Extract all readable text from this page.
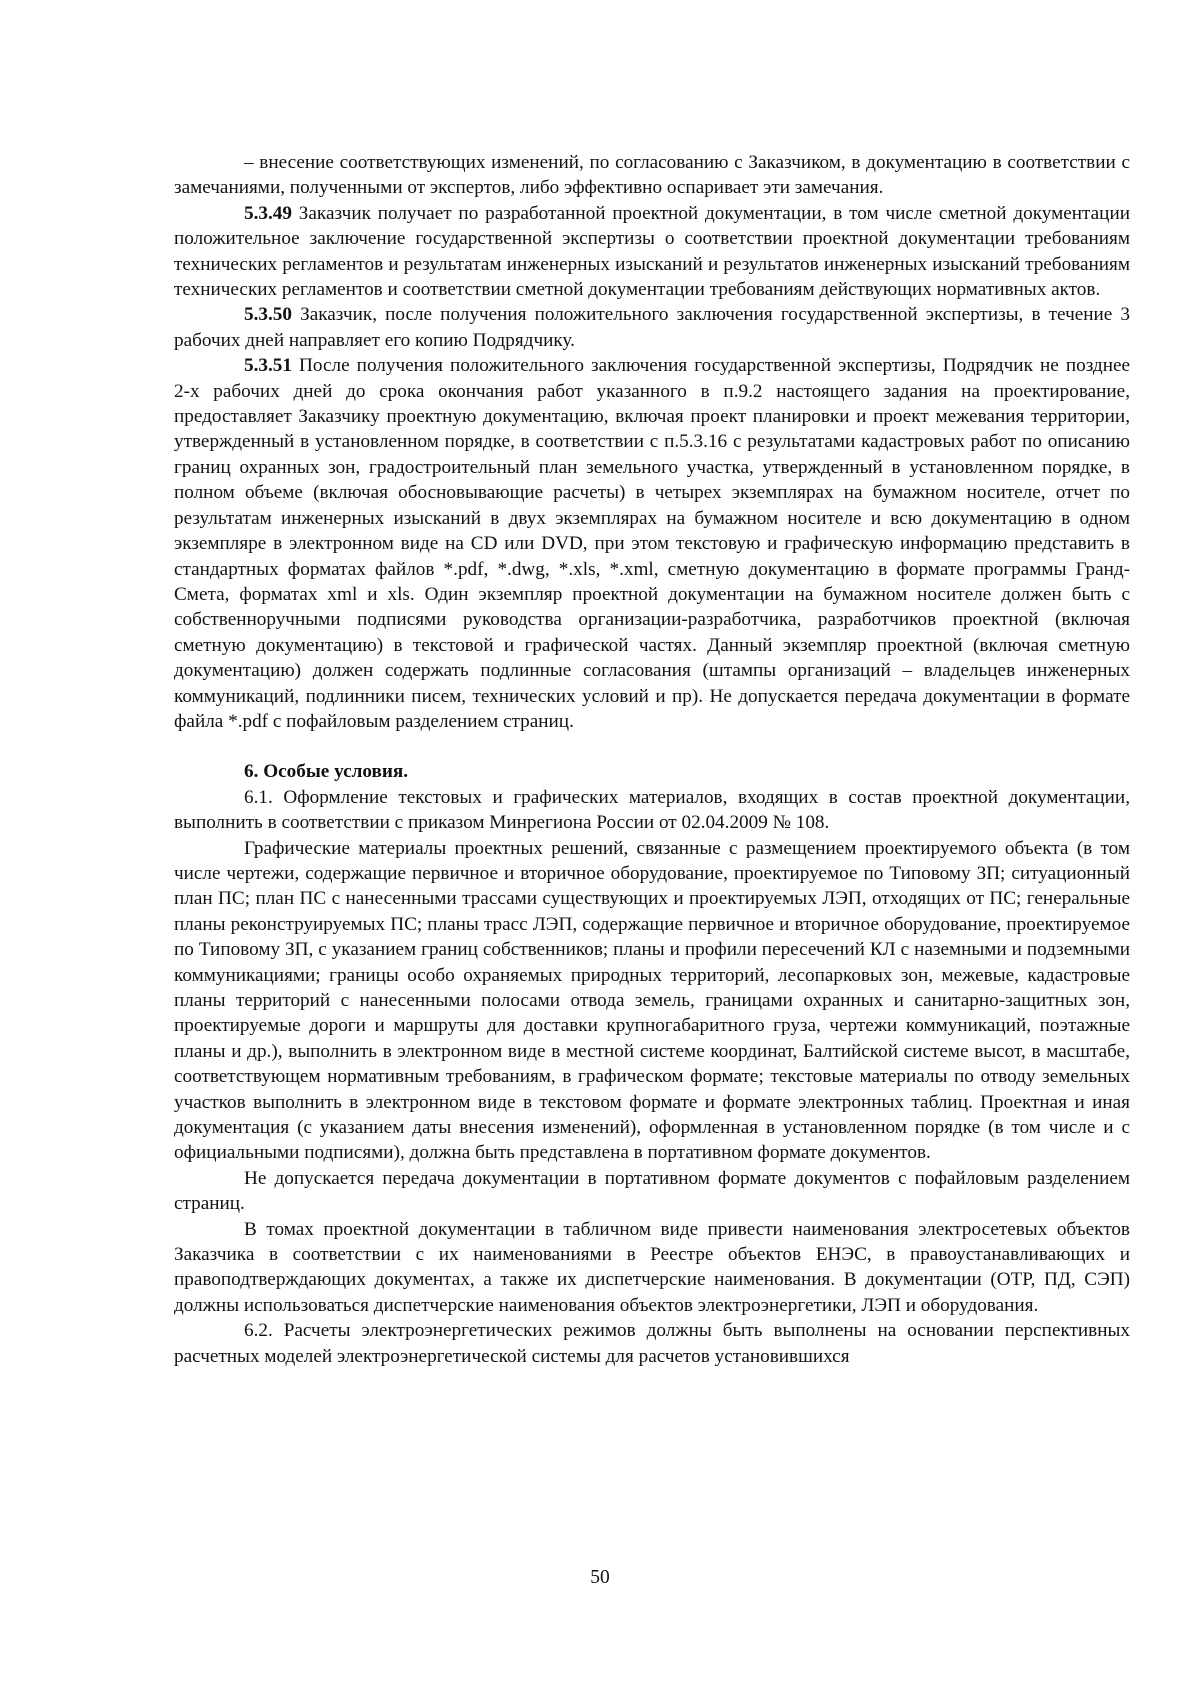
– внесение соответствующих изменений, по согласованию с Заказчиком, в документацию в соответствии с замечаниями, полученными от экспертов, либо эффективно оспаривает эти замечания.

5.3.49 Заказчик получает по разработанной проектной документации, в том числе сметной документации положительное заключение государственной экспертизы о соответствии проектной документации требованиям технических регламентов и результатам инженерных изысканий и результатов инженерных изысканий требованиям технических регламентов и соответствии сметной документации требованиям действующих нормативных актов.

5.3.50 Заказчик, после получения положительного заключения государственной экспертизы, в течение 3 рабочих дней направляет его копию Подрядчику.

5.3.51 После получения положительного заключения государственной экспертизы, Подрядчик не позднее 2-х рабочих дней до срока окончания работ указанного в п.9.2 настоящего задания на проектирование, предоставляет Заказчику проектную документацию, включая проект планировки и проект межевания территории, утвержденный в установленном порядке, в соответствии с п.5.3.16 с результатами кадастровых работ по описанию границ охранных зон, градостроительный план земельного участка, утвержденный в установленном порядке, в полном объеме (включая обосновывающие расчеты) в четырех экземплярах на бумажном носителе, отчет по результатам инженерных изысканий в двух экземплярах на бумажном носителе и всю документацию в одном экземпляре в электронном виде на CD или DVD, при этом текстовую и графическую информацию представить в стандартных форматах файлов *.pdf, *.dwg, *.xls, *.xml, сметную документацию в формате программы Гранд-Смета, форматах xml и xls. Один экземпляр проектной документации на бумажном носителе должен быть с собственноручными подписями руководства организации-разработчика, разработчиков проектной (включая сметную документацию) в текстовой и графической частях. Данный экземпляр проектной (включая сметную документацию) должен содержать подлинные согласования (штампы организаций – владельцев инженерных коммуникаций, подлинники писем, технических условий и пр). Не допускается передача документации в формате файла *.pdf с пофайловым разделением страниц.

6. Особые условия.

6.1. Оформление текстовых и графических материалов, входящих в состав проектной документации, выполнить в соответствии с приказом Минрегиона России от 02.04.2009 № 108.

Графические материалы проектных решений, связанные с размещением проектируемого объекта (в том числе чертежи, содержащие первичное и вторичное оборудование, проектируемое по Типовому ЗП; ситуационный план ПС; план ПС с нанесенными трассами существующих и проектируемых ЛЭП, отходящих от ПС; генеральные планы реконструируемых ПС; планы трасс ЛЭП, содержащие первичное и вторичное оборудование, проектируемое по Типовому ЗП, с указанием границ собственников; планы и профили пересечений КЛ с наземными и подземными коммуникациями; границы особо охраняемых природных территорий, лесопарковых зон, межевые, кадастровые планы территорий с нанесенными полосами отвода земель, границами охранных и санитарно-защитных зон, проектируемые дороги и маршруты для доставки крупногабаритного груза, чертежи коммуникаций, поэтажные планы и др.), выполнить в электронном виде в местной системе координат, Балтийской системе высот, в масштабе, соответствующем нормативным требованиям, в графическом формате; текстовые материалы по отводу земельных участков выполнить в электронном виде в текстовом формате и формате электронных таблиц. Проектная и иная документация (с указанием даты внесения изменений), оформленная в установленном порядке (в том числе и с официальными подписями), должна быть представлена в портативном формате документов.

Не допускается передача документации в портативном формате документов с пофайловым разделением страниц.

В томах проектной документации в табличном виде привести наименования электросетевых объектов Заказчика в соответствии с их наименованиями в Реестре объектов ЕНЭС, в правоустанавливающих и правоподтверждающих документах, а также их диспетчерские наименования. В документации (ОТР, ПД, СЭП) должны использоваться диспетчерские наименования объектов электроэнергетики, ЛЭП и оборудования.

6.2. Расчеты электроэнергетических режимов должны быть выполнены на основании перспективных расчетных моделей электроэнергетической системы для расчетов установившихся

50
